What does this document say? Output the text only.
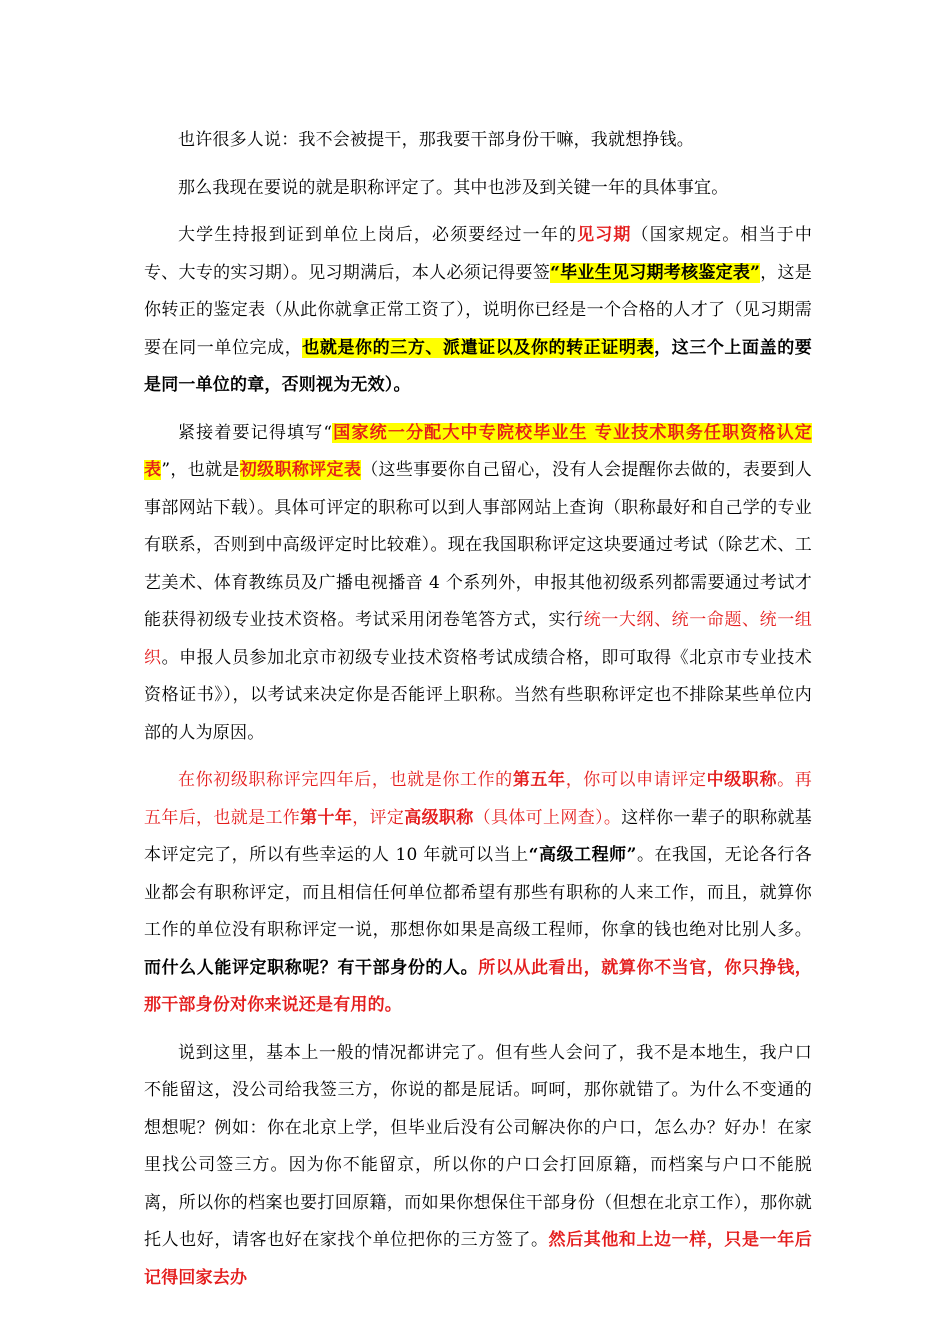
也许很多人说：我不会被提干，那我要干部身份干嘛，我就想挣钱。

那么我现在要说的就是职称评定了。其中也涉及到关键一年的具体事宜。

大学生持报到证到单位上岗后，必须要经过一年的见习期（国家规定。相当于中专、大专的实习期）。见习期满后，本人必须记得要签“毕业生见习期考核鉴定表”，这是你转正的鉴定表（从此你就拿正常工资了），说明你已经是一个合格的人才了（见习期需要在同一单位完成，也就是你的三方、派遣证以及你的转正证明表，这三个上面盖的要是同一单位的章，否则视为无效）。

紧接着要记得填写“国家统一分配大中专院校毕业生 专业技术职务任职资格认定表”，也就是初级职称评定表（这些事要你自己留心，没有人会提醒你去做的，表要到人事部网站下载）。具体可评定的职称可以到人事部网站上查询（职称最好和自己学的专业有联系，否则到中高级评定时比较难）。现在我国职称评定这块要通过考试（除艺术、工艺美术、体育教练员及广播电视播音 4 个系列外，申报其他初级系列都需要通过考试才能获得初级专业技术资格。考试采用闭卷笔答方式，实行统一大纲、统一命题、统一组织。申报人员参加北京市初级专业技术资格考试成绩合格，即可取得《北京市专业技术资格证书》），以考试来决定你是否能评上职称。当然有些职称评定也不排除某些单位内部的人为原因。

在你初级职称评完四年后，也就是你工作的第五年，你可以申请评定中级职称。再五年后，也就是工作第十年，评定高级职称（具体可上网查）。这样你一辈子的职称就基本评定完了，所以有些幸运的人 10 年就可以当上“高级工程师”。在我国，无论各行各业都会有职称评定，而且相信任何单位都希望有那些有职称的人来工作，而且，就算你工作的单位没有职称评定一说，那想你如果是高级工程师，你拿的钱也绝对比别人多。而什么人能评定职称呢？有干部身份的人。所以从此看出，就算你不当官，你只挣钱，那干部身份对你来说还是有用的。

说到这里，基本上一般的情况都讲完了。但有些人会问了，我不是本地生，我户口不能留这，没公司给我签三方，你说的都是屁话。呵呵，那你就错了。为什么不变通的想想呢？例如：你在北京上学，但毕业后没有公司解决你的户口，怎么办？好办！在家里找公司签三方。因为你不能留京，所以你的户口会打回原籍，而档案与户口不能脱离，所以你的档案也要打回原籍，而如果你想保住干部身份（但想在北京工作），那你就托人也好，请客也好在家找个单位把你的三方签了。然后其他和上边一样，只是一年后记得回家去办
